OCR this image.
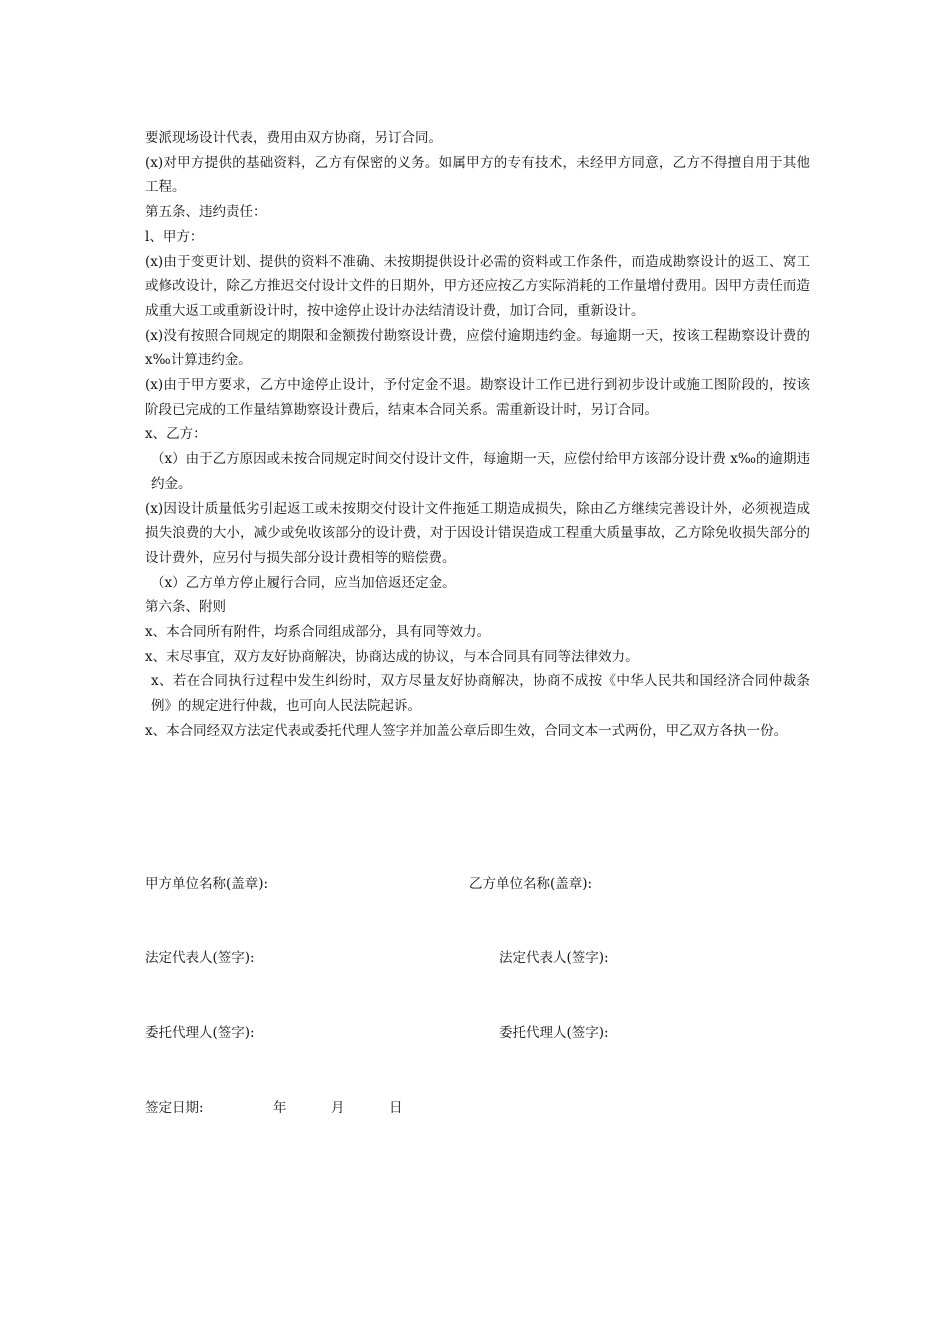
要派现场设计代表，费用由双方协商，另订合同。

(x)对甲方提供的基础资料，乙方有保密的义务。如属甲方的专有技术，未经甲方同意，乙方不得擅自用于其他工程。

第五条、违约责任：

l、甲方：

(x)由于变更计划、提供的资料不准确、未按期提供设计必需的资料或工作条件，而造成勘察设计的返工、窝工或修改设计，除乙方推迟交付设计文件的日期外，甲方还应按乙方实际消耗的工作量增付费用。因甲方责任而造成重大返工或重新设计时，按中途停止设计办法结清设计费，加订合同，重新设计。

(x)没有按照合同规定的期限和金额拨付勘察设计费，应偿付逾期违约金。每逾期一天，按该工程勘察设计费的 x‰计算违约金。

(x)由于甲方要求，乙方中途停止设计，予付定金不退。勘察设计工作已进行到初步设计或施工图阶段的，按该阶段已完成的工作量结算勘察设计费后，结束本合同关系。需重新设计时，另订合同。

x、乙方：

（x）由于乙方原因或未按合同规定时间交付设计文件，每逾期一天，应偿付给甲方该部分设计费 x‰的逾期违约金。

(x)因设计质量低劣引起返工或未按期交付设计文件拖延工期造成损失，除由乙方继续完善设计外，必须视造成损失浪费的大小，减少或免收该部分的设计费，对于因设计错误造成工程重大质量事故，乙方除免收损失部分的设计费外，应另付与损失部分设计费相等的赔偿费。

（x）乙方单方停止履行合同，应当加倍返还定金。

第六条、附则

x、本合同所有附件，均系合同组成部分，具有同等效力。

x、末尽事宜，双方友好协商解决，协商达成的协议，与本合同具有同等法律效力。

x、若在合同执行过程中发生纠纷时，双方尽量友好协商解决，协商不成按《中华人民共和国经济合同仲裁条例》的规定进行仲裁，也可向人民法院起诉。

x、本合同经双方法定代表或委托代理人签字并加盖公章后即生效，合同文本一式两份，甲乙双方各执一份。

甲方单位名称(盖章):	乙方单位名称(盖章):
法定代表人(签字):	法定代表人(签字):
委托代理人(签字):	委托代理人(签字):
签定日期:	年	月	日
